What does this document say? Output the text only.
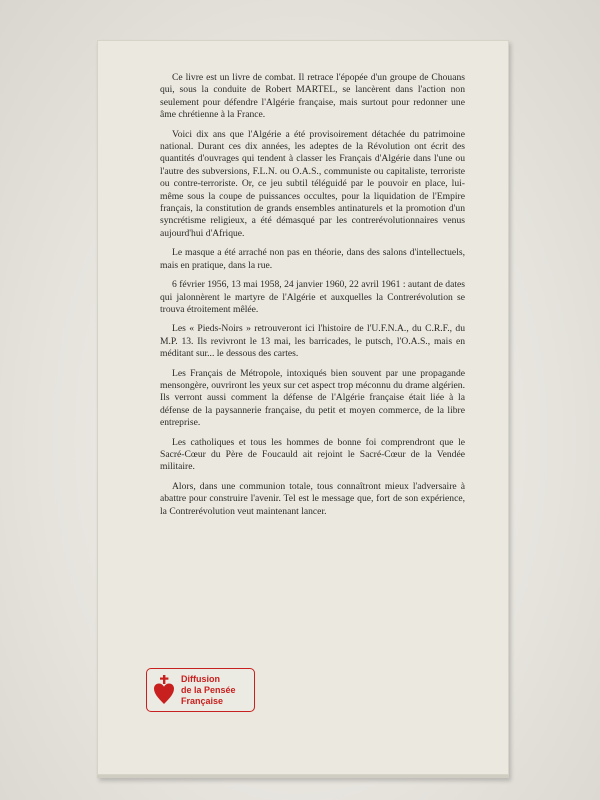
Ce livre est un livre de combat. Il retrace l'épopée d'un groupe de Chouans qui, sous la conduite de Robert MARTEL, se lancèrent dans l'action non seulement pour défendre l'Algérie française, mais surtout pour redonner une âme chrétienne à la France.

Voici dix ans que l'Algérie a été provisoirement détachée du patrimoine national. Durant ces dix années, les adeptes de la Révolution ont écrit des quantités d'ouvrages qui tendent à classer les Français d'Algérie dans l'une ou l'autre des subversions, F.L.N. ou O.A.S., communiste ou capitaliste, terroriste ou contre-terroriste. Or, ce jeu subtil téléguidé par le pouvoir en place, lui-même sous la coupe de puissances occultes, pour la liquidation de l'Empire français, la constitution de grands ensembles antinaturels et la promotion d'un syncrétisme religieux, a été démasqué par les contrerévolutionnaires venus aujourd'hui d'Afrique.

Le masque a été arraché non pas en théorie, dans des salons d'intellectuels, mais en pratique, dans la rue.

6 février 1956, 13 mai 1958, 24 janvier 1960, 22 avril 1961 : autant de dates qui jalonnèrent le martyre de l'Algérie et auxquelles la Contrerévolution se trouva étroitement mêlée.

Les « Pieds-Noirs » retrouveront ici l'histoire de l'U.F.N.A., du C.R.F., du M.P. 13. Ils revivront le 13 mai, les barricades, le putsch, l'O.A.S., mais en méditant sur... le dessous des cartes.

Les Français de Métropole, intoxiqués bien souvent par une propagande mensongère, ouvriront les yeux sur cet aspect trop méconnu du drame algérien. Ils verront aussi comment la défense de l'Algérie française était liée à la défense de la paysannerie française, du petit et moyen commerce, de la libre entreprise.

Les catholiques et tous les hommes de bonne foi comprendront que le Sacré-Cœur du Père de Foucauld ait rejoint le Sacré-Cœur de la Vendée militaire.

Alors, dans une communion totale, tous connaîtront mieux l'adversaire à abattre pour construire l'avenir. Tel est le message que, fort de son expérience, la Contrerévolution veut maintenant lancer.

Diffusion
de la Pensée
Française
